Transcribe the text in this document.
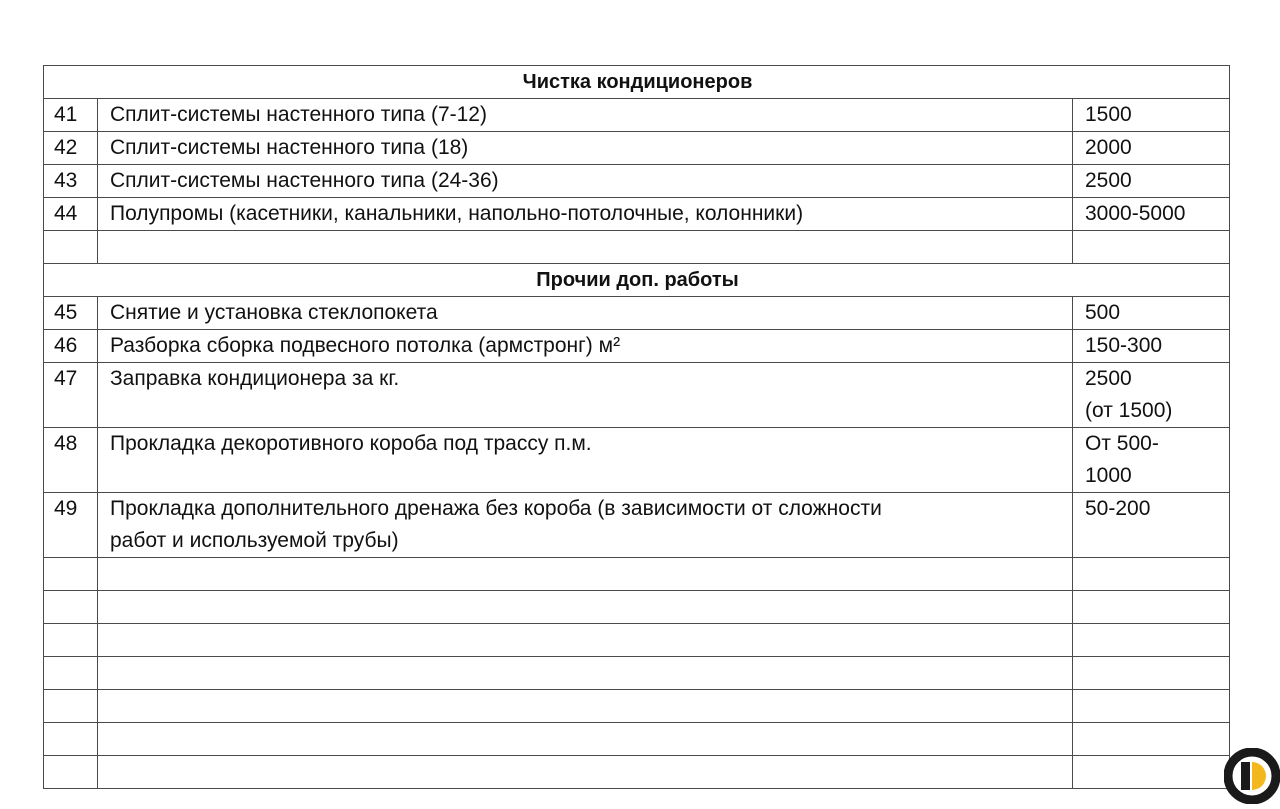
Чистка кондиционеров		
41	Сплит-системы настенного типа (7-12)	1500
42	Сплит-системы настенного типа (18)	2000
43	Сплит-системы настенного типа (24-36)	2500
44	Полупромы (касетники, канальники, напольно-потолочные, колонники)	3000-5000

Прочии доп. работы		
45	Снятие и установка стеклопокета	500
46	Разборка сборка подвесного потолка (армстронг) м²	150-300
47	Заправка кондиционера за кг.	2500
(от 1500)

48	Прокладка декоротивного короба под трассу п.м.	От 500-
1000

49	Прокладка дополнительного дренажа без короба (в зависимости от сложности
работ и используемой трубы)	50-200
